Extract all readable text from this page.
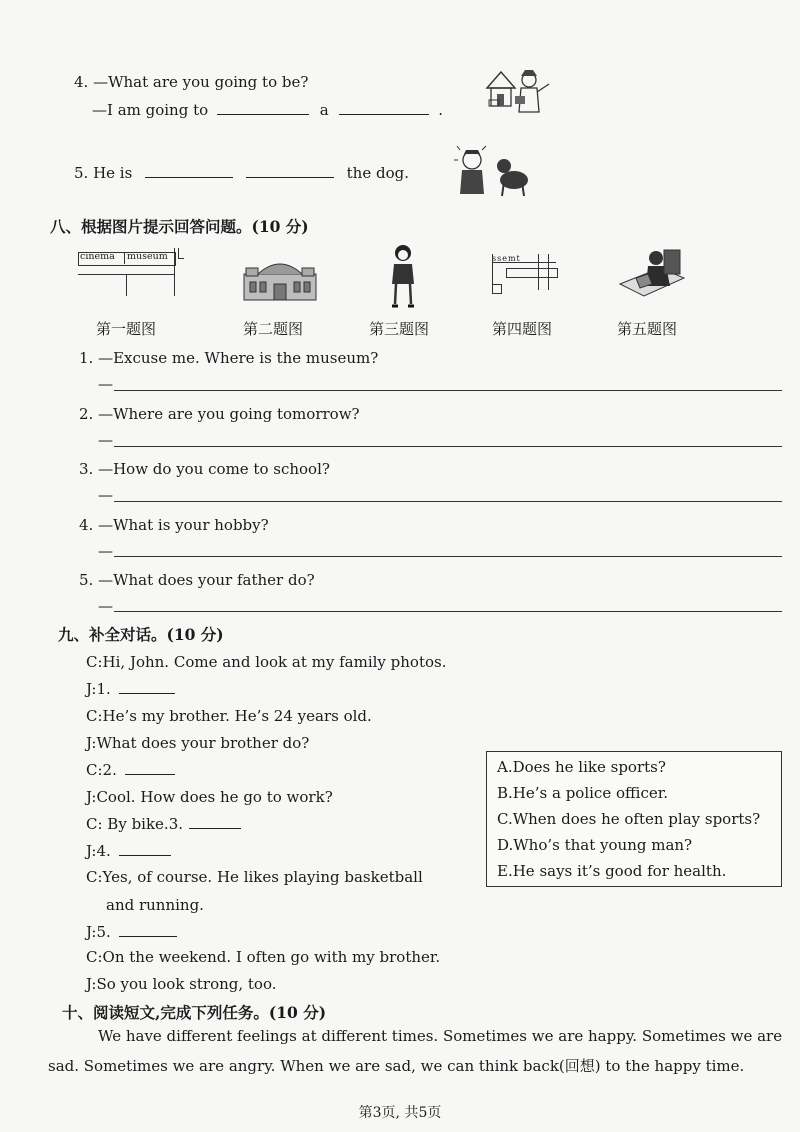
4. —What are you going to be?
—I am going to	a	.
5. He is	the dog.
八、根据图片提示回答问题。(10 分)
cinema museum	ssemt
第一题图	第二题图	第三题图	第四题图	第五题图
1. —Excuse me. Where is the museum?
—
2. —Where are you going tomorrow?
—
3. —How do you come to school?
—
4. —What is your hobby?
—
5. —What does your father do?
—
九、补全对话。(10 分)
C:Hi, John. Come and look at my family photos.
J:1.
C:He’s my brother. He’s 24 years old.
J:What does your brother do?
C:2.
J:Cool. How does he go to work?
C: By bike.3.
J:4.
C:Yes, of course. He likes playing basketball
and running.
J:5.
C:On the weekend. I often go with my brother.
J:So you look strong, too.
A.Does he like sports?
B.He’s a police officer.
C.When does he often play sports?
D.Who’s that young man?
E.He says it’s good for health.
十、阅读短文,完成下列任务。(10 分)
We have different feelings at different times. Sometimes we are happy. Sometimes we are
sad. Sometimes we are angry. When we are sad, we can think back(回想) to the happy time.
第3页, 共5页
